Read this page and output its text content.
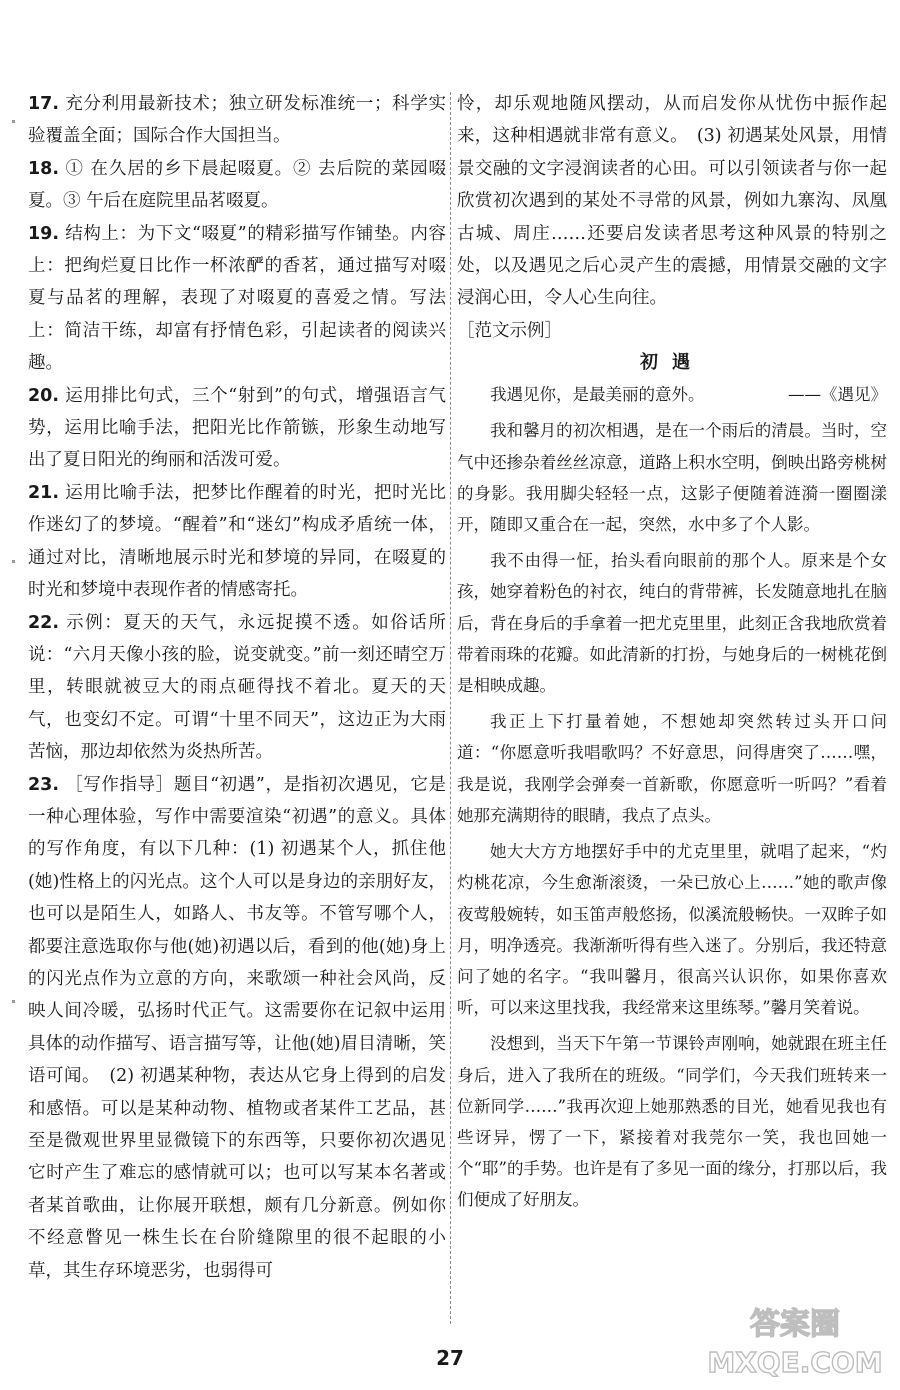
17. 充分利用最新技术；独立研发标准统一；科学实验覆盖全面；国际合作大国担当。

18. ① 在久居的乡下晨起啜夏。② 去后院的菜园啜夏。③ 午后在庭院里品茗啜夏。

19. 结构上：为下文“啜夏”的精彩描写作铺垫。内容上：把绚烂夏日比作一杯浓酽的香茗，通过描写对啜夏与品茗的理解，表现了对啜夏的喜爱之情。写法上：简洁干练，却富有抒情色彩，引起读者的阅读兴趣。

20. 运用排比句式，三个“射到”的句式，增强语言气势，运用比喻手法，把阳光比作箭镞，形象生动地写出了夏日阳光的绚丽和活泼可爱。

21. 运用比喻手法，把梦比作醒着的时光，把时光比作迷幻了的梦境。“醒着”和“迷幻”构成矛盾统一体，通过对比，清晰地展示时光和梦境的异同，在啜夏的时光和梦境中表现作者的情感寄托。

22. 示例：夏天的天气，永远捉摸不透。如俗话所说：“六月天像小孩的脸，说变就变。”前一刻还晴空万里，转眼就被豆大的雨点砸得找不着北。夏天的天气，也变幻不定。可谓“十里不同天”，这边正为大雨苦恼，那边却依然为炎热所苦。

23. ［写作指导］题目“初遇”，是指初次遇见，它是一种心理体验，写作中需要渲染“初遇”的意义。具体的写作角度，有以下几种：(1) 初遇某个人，抓住他(她)性格上的闪光点。这个人可以是身边的亲朋好友，也可以是陌生人，如路人、书友等。不管写哪个人，都要注意选取你与他(她)初遇以后，看到的他(她)身上的闪光点作为立意的方向，来歌颂一种社会风尚，反映人间冷暖，弘扬时代正气。这需要你在记叙中运用具体的动作描写、语言描写等，让他(她)眉目清晰，笑语可闻。　(2) 初遇某种物，表达从它身上得到的启发和感悟。可以是某种动物、植物或者某件工艺品，甚至是微观世界里显微镜下的东西等，只要你初次遇见它时产生了难忘的感情就可以；也可以写某本名著或者某首歌曲，让你展开联想，颇有几分新意。例如你不经意瞥见一株生长在台阶缝隙里的很不起眼的小草，其生存环境恶劣，也弱得可

怜，却乐观地随风摆动，从而启发你从忧伤中振作起来，这种相遇就非常有意义。　(3) 初遇某处风景，用情景交融的文字浸润读者的心田。可以引领读者与你一起欣赏初次遇到的某处不寻常的风景，例如九寨沟、凤凰古城、周庄……还要启发读者思考这种风景的特别之处，以及遇见之后心灵产生的震撼，用情景交融的文字浸润心田，令人心生向往。

［范文示例］

初遇

我遇见你，是最美丽的意外。	——《遇见》

我和馨月的初次相遇，是在一个雨后的清晨。当时，空气中还掺杂着丝丝凉意，道路上积水空明，倒映出路旁桃树的身影。我用脚尖轻轻一点，这影子便随着涟漪一圈圈漾开，随即又重合在一起，突然，水中多了个人影。

我不由得一怔，抬头看向眼前的那个人。原来是个女孩，她穿着粉色的衬衣，纯白的背带裤，长发随意地扎在脑后，背在身后的手拿着一把尤克里里，此刻正含我地欣赏着带着雨珠的花瓣。如此清新的打扮，与她身后的一树桃花倒是相映成趣。

我正上下打量着她，不想她却突然转过头开口问道：“你愿意听我唱歌吗？不好意思，问得唐突了……嘿，我是说，我刚学会弹奏一首新歌，你愿意听一听吗？”看着她那充满期待的眼睛，我点了点头。

她大大方方地摆好手中的尤克里里，就唱了起来，“灼灼桃花凉，今生愈渐滚烫，一朵已放心上……”她的歌声像夜莺般婉转，如玉笛声般悠扬，似溪流般畅快。一双眸子如月，明净透亮。我渐渐听得有些入迷了。分别后，我还特意问了她的名字。“我叫馨月，很高兴认识你，如果你喜欢听，可以来这里找我，我经常来这里练琴。”馨月笑着说。

没想到，当天下午第一节课铃声刚响，她就跟在班主任身后，进入了我所在的班级。“同学们，今天我们班转来一位新同学……”我再次迎上她那熟悉的目光，她看见我也有些讶异，愣了一下，紧接着对我莞尔一笑，我也回她一个“耶”的手势。也许是有了多见一面的缘分，打那以后，我们便成了好朋友。

27
答案圈
MXQE.COM
